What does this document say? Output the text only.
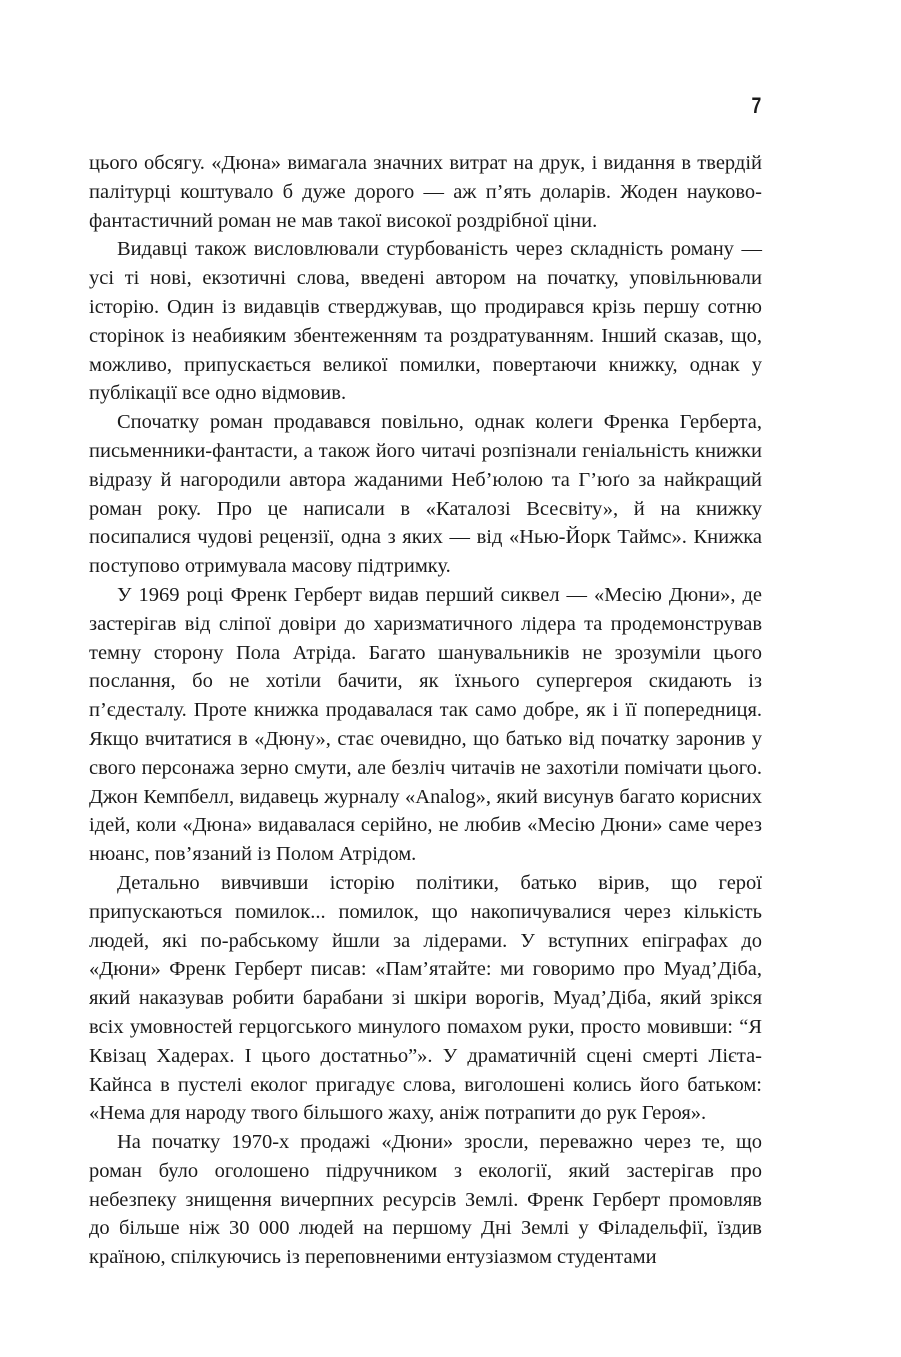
7

цього обсягу. «Дюна» вимагала значних витрат на друк, і видання в твердій палітурці коштувало б дуже дорого — аж п’ять доларів. Жоден науково-фантастичний роман не мав такої високої роздрібної ціни.

Видавці також висловлювали стурбованість через складність роману — усі ті нові, екзотичні слова, введені автором на початку, уповільнювали історію. Один із видавців стверджував, що продирався крізь першу сотню сторінок із неабияким збентеженням та роздратуванням. Інший сказав, що, можливо, припускається великої помилки, повертаючи книжку, однак у публікації все одно відмовив.

Спочатку роман продавався повільно, однак колеги Френка Герберта, письменники-фантасти, а також його читачі розпізнали геніальність книжки відразу й нагородили автора жаданими Неб’юлою та Г’юґо за найкращий роман року. Про це написали в «Каталозі Всесвіту», й на книжку посипалися чудові рецензії, одна з яких — від «Нью-Йорк Таймс». Книжка поступово отримувала масову підтримку.

У 1969 році Френк Герберт видав перший сиквел — «Месію Дюни», де застерігав від сліпої довіри до харизматичного лідера та продемонстрував темну сторону Пола Атріда. Багато шанувальників не зрозуміли цього послання, бо не хотіли бачити, як їхнього супергероя скидають із п’єдесталу. Проте книжка продавалася так само добре, як і її попередниця. Якщо вчитатися в «Дюну», стає очевидно, що батько від початку заронив у свого персонажа зерно смути, але безліч читачів не захотіли помічати цього. Джон Кемпбелл, видавець журналу «Analog», який висунув багато корисних ідей, коли «Дюна» видавалася серійно, не любив «Месію Дюни» саме через нюанс, пов’язаний із Полом Атрідом.

Детально вивчивши історію політики, батько вірив, що герої припускаються помилок... помилок, що накопичувалися через кількість людей, які по-рабському йшли за лідерами. У вступних епіграфах до «Дюни» Френк Герберт писав: «Пам’ятайте: ми говоримо про Муад’Діба, який наказував робити барабани зі шкіри ворогів, Муад’Діба, який зрікся всіх умовностей герцогського минулого помахом руки, просто мовивши: “Я Квізац Хадерах. І цього достатньо”». У драматичній сцені смерті Лієта-Кайнса в пустелі еколог пригадує слова, виголошені колись його батьком: «Нема для народу твого більшого жаху, аніж потрапити до рук Героя».

На початку 1970-х продажі «Дюни» зросли, переважно через те, що роман було оголошено підручником з екології, який застерігав про небезпеку знищення вичерпних ресурсів Землі. Френк Герберт промовляв до більше ніж 30 000 людей на першому Дні Землі у Філадельфії, їздив країною, спілкуючись із переповненими ентузіазмом студентами
